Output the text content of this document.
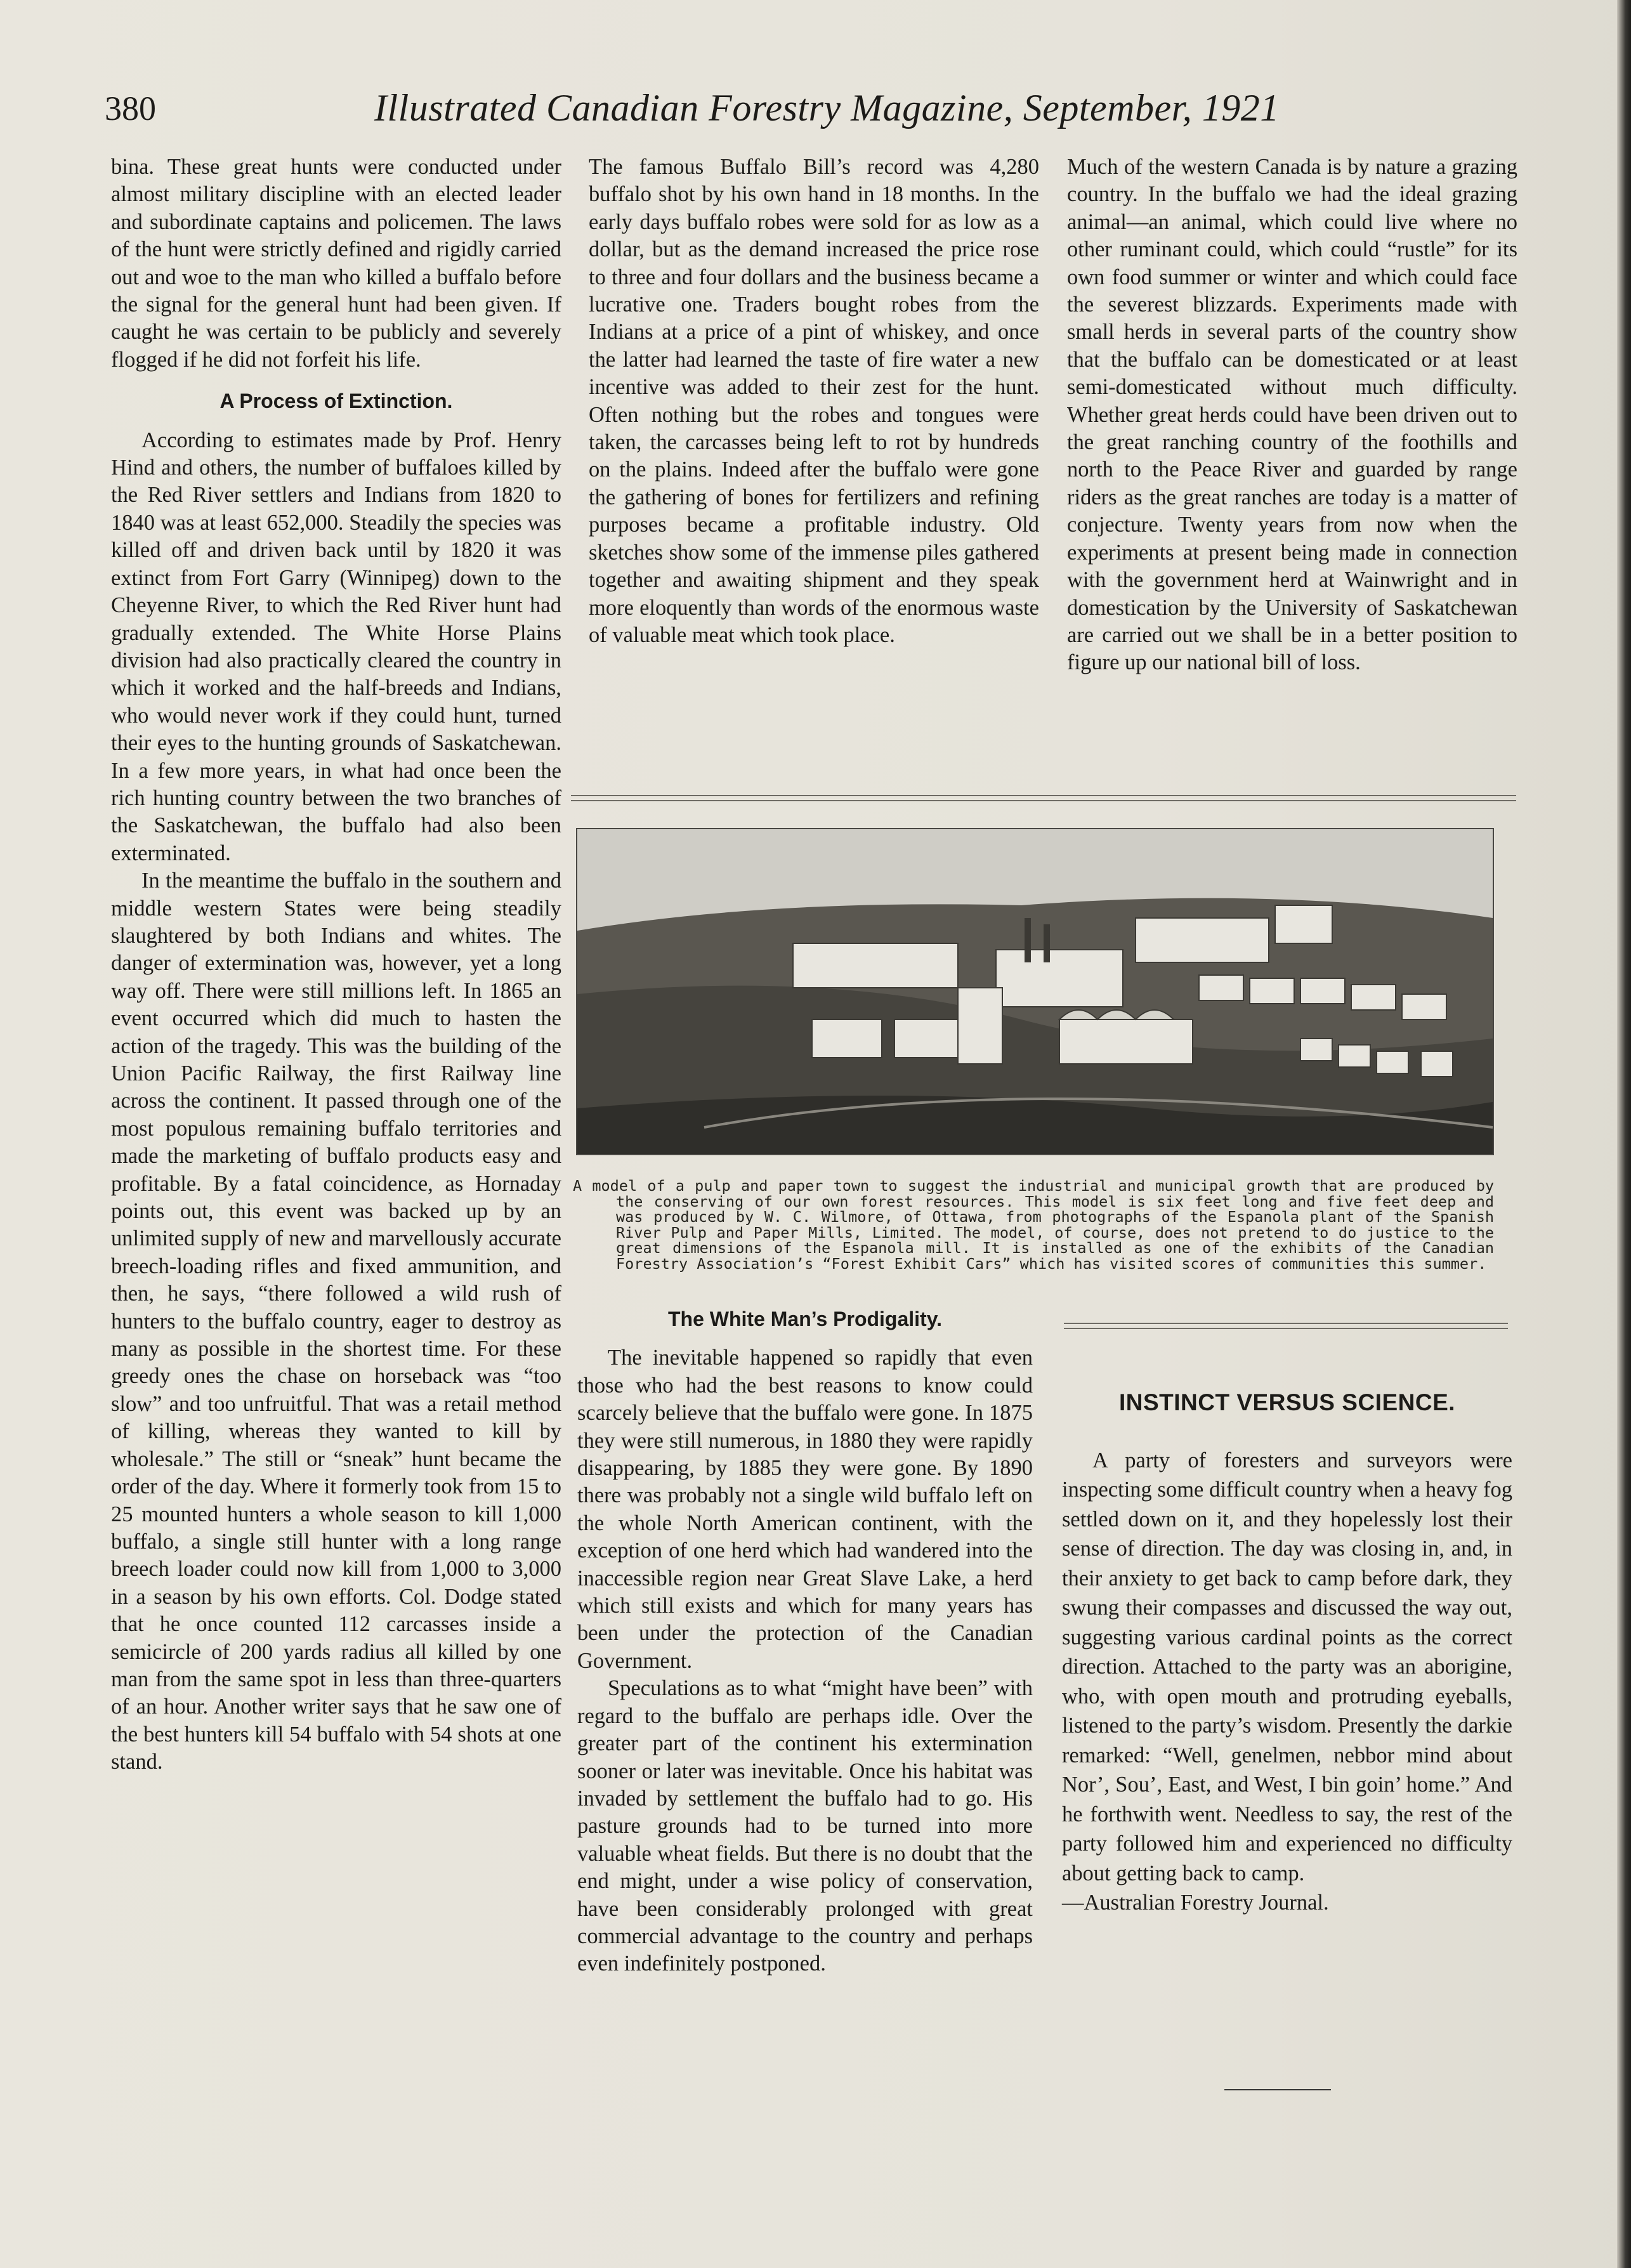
380	Illustrated Canadian Forestry Magazine, September, 1921

bina. These great hunts were conducted under almost military discipline with an elected leader and subordinate captains and policemen. The laws of the hunt were strictly defined and rigidly carried out and woe to the man who killed a buffalo before the signal for the general hunt had been given. If caught he was certain to be publicly and severely flogged if he did not forfeit his life.

A Process of Extinction.

According to estimates made by Prof. Henry Hind and others, the number of buffaloes killed by the Red River settlers and Indians from 1820 to 1840 was at least 652,000. Steadily the species was killed off and driven back until by 1820 it was extinct from Fort Garry (Winnipeg) down to the Cheyenne River, to which the Red River hunt had gradually extended. The White Horse Plains division had also practically cleared the country in which it worked and the half-breeds and Indians, who would never work if they could hunt, turned their eyes to the hunting grounds of Saskatchewan. In a few more years, in what had once been the rich hunting country between the two branches of the Saskatchewan, the buffalo had also been exterminated.

In the meantime the buffalo in the southern and middle western States were being steadily slaughtered by both Indians and whites. The danger of extermination was, however, yet a long way off. There were still millions left. In 1865 an event occurred which did much to hasten the action of the tragedy. This was the building of the Union Pacific Railway, the first Railway line across the continent. It passed through one of the most populous remaining buffalo territories and made the marketing of buffalo products easy and profitable. By a fatal coincidence, as Hornaday points out, this event was backed up by an unlimited supply of new and marvellously accurate breech-loading rifles and fixed ammunition, and then, he says, “there followed a wild rush of hunters to the buffalo country, eager to destroy as many as possible in the shortest time. For these greedy ones the chase on horseback was “too slow” and too unfruitful. That was a retail method of killing, whereas they wanted to kill by wholesale.” The still or “sneak” hunt became the order of the day. Where it formerly took from 15 to 25 mounted hunters a whole season to kill 1,000 buffalo, a single still hunter with a long range breech loader could now kill from 1,000 to 3,000 in a season by his own efforts. Col. Dodge stated that he once counted 112 carcasses inside a semicircle of 200 yards radius all killed by one man from the same spot in less than three-quarters of an hour. Another writer says that he saw one of the best hunters kill 54 buffalo with 54 shots at one stand.

The famous Buffalo Bill’s record was 4,280 buffalo shot by his own hand in 18 months. In the early days buffalo robes were sold for as low as a dollar, but as the demand increased the price rose to three and four dollars and the business became a lucrative one. Traders bought robes from the Indians at a price of a pint of whiskey, and once the latter had learned the taste of fire water a new incentive was added to their zest for the hunt. Often nothing but the robes and tongues were taken, the carcasses being left to rot by hundreds on the plains. Indeed after the buffalo were gone the gathering of bones for fertilizers and refining purposes became a profitable industry. Old sketches show some of the immense piles gathered together and awaiting shipment and they speak more eloquently than words of the enormous waste of valuable meat which took place.

Much of the western Canada is by nature a grazing country. In the buffalo we had the ideal grazing animal—an animal, which could live where no other ruminant could, which could “rustle” for its own food summer or winter and which could face the severest blizzards. Experiments made with small herds in several parts of the country show that the buffalo can be domesticated or at least semi-domesticated without much difficulty. Whether great herds could have been driven out to the great ranching country of the foothills and north to the Peace River and guarded by range riders as the great ranches are today is a matter of conjecture. Twenty years from now when the experiments at present being made in connection with the government herd at Wainwright and in domestication by the University of Saskatchewan are carried out we shall be in a better position to figure up our national bill of loss.

A model of a pulp and paper town to suggest the industrial and municipal growth that are produced by the conserving of our own forest resources. This model is six feet long and five feet deep and was produced by W. C. Wilmore, of Ottawa, from photographs of the Espanola plant of the Spanish River Pulp and Paper Mills, Limited. The model, of course, does not pretend to do justice to the great dimensions of the Espanola mill. It is installed as one of the exhibits of the Canadian Forestry Association’s “Forest Exhibit Cars” which has visited scores of communities this summer.
The White Man’s Prodigality.

The inevitable happened so rapidly that even those who had the best reasons to know could scarcely believe that the buffalo were gone. In 1875 they were still numerous, in 1880 they were rapidly disappearing, by 1885 they were gone. By 1890 there was probably not a single wild buffalo left on the whole North American continent, with the exception of one herd which had wandered into the inaccessible region near Great Slave Lake, a herd which still exists and which for many years has been under the protection of the Canadian Government.

Speculations as to what “might have been” with regard to the buffalo are perhaps idle. Over the greater part of the continent his extermination sooner or later was inevitable. Once his habitat was invaded by settlement the buffalo had to go. His pasture grounds had to be turned into more valuable wheat fields. But there is no doubt that the end might, under a wise policy of conservation, have been considerably prolonged with great commercial advantage to the country and perhaps even indefinitely postponed.

INSTINCT VERSUS SCIENCE.

A party of foresters and surveyors were inspecting some difficult country when a heavy fog settled down on it, and they hopelessly lost their sense of direction. The day was closing in, and, in their anxiety to get back to camp before dark, they swung their compasses and discussed the way out, suggesting various cardinal points as the correct direction. Attached to the party was an aborigine, who, with open mouth and protruding eyeballs, listened to the party’s wisdom. Presently the darkie remarked: “Well, genelmen, nebbor mind about Nor’, Sou’, East, and West, I bin goin’ home.” And he forthwith went. Needless to say, the rest of the party followed him and experienced no difficulty about getting back to camp.

—Australian Forestry Journal.
